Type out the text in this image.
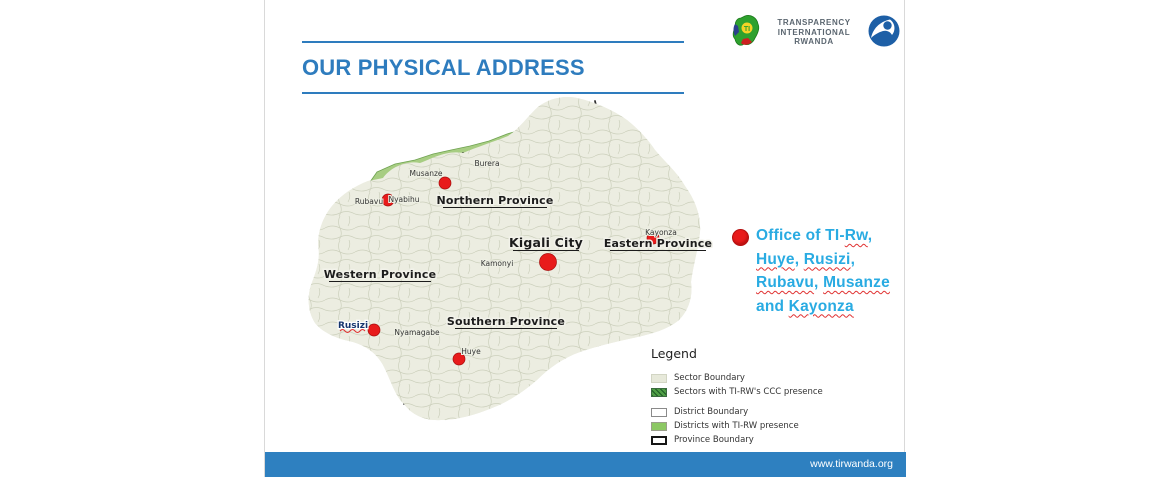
OUR PHYSICAL ADDRESS
TI
TRANSPARENCY
INTERNATIONAL
RWANDA
Burera
Musanze
Rubavu Nyabihu
Kamonyi
Kayonza
Nyamagabe
Huye
Rusizi
Northern Province
Kigali City Eastern Province
Western Province
Southern Province
Office of TI-Rw,
Huye, Rusizi,
Rubavu, Musanze
and Kayonza

Legend

Sector Boundary
Sectors with TI-RW's CCC presence
District Boundary
Districts with TI-RW presence
Province Boundary
www.tirwanda.org
